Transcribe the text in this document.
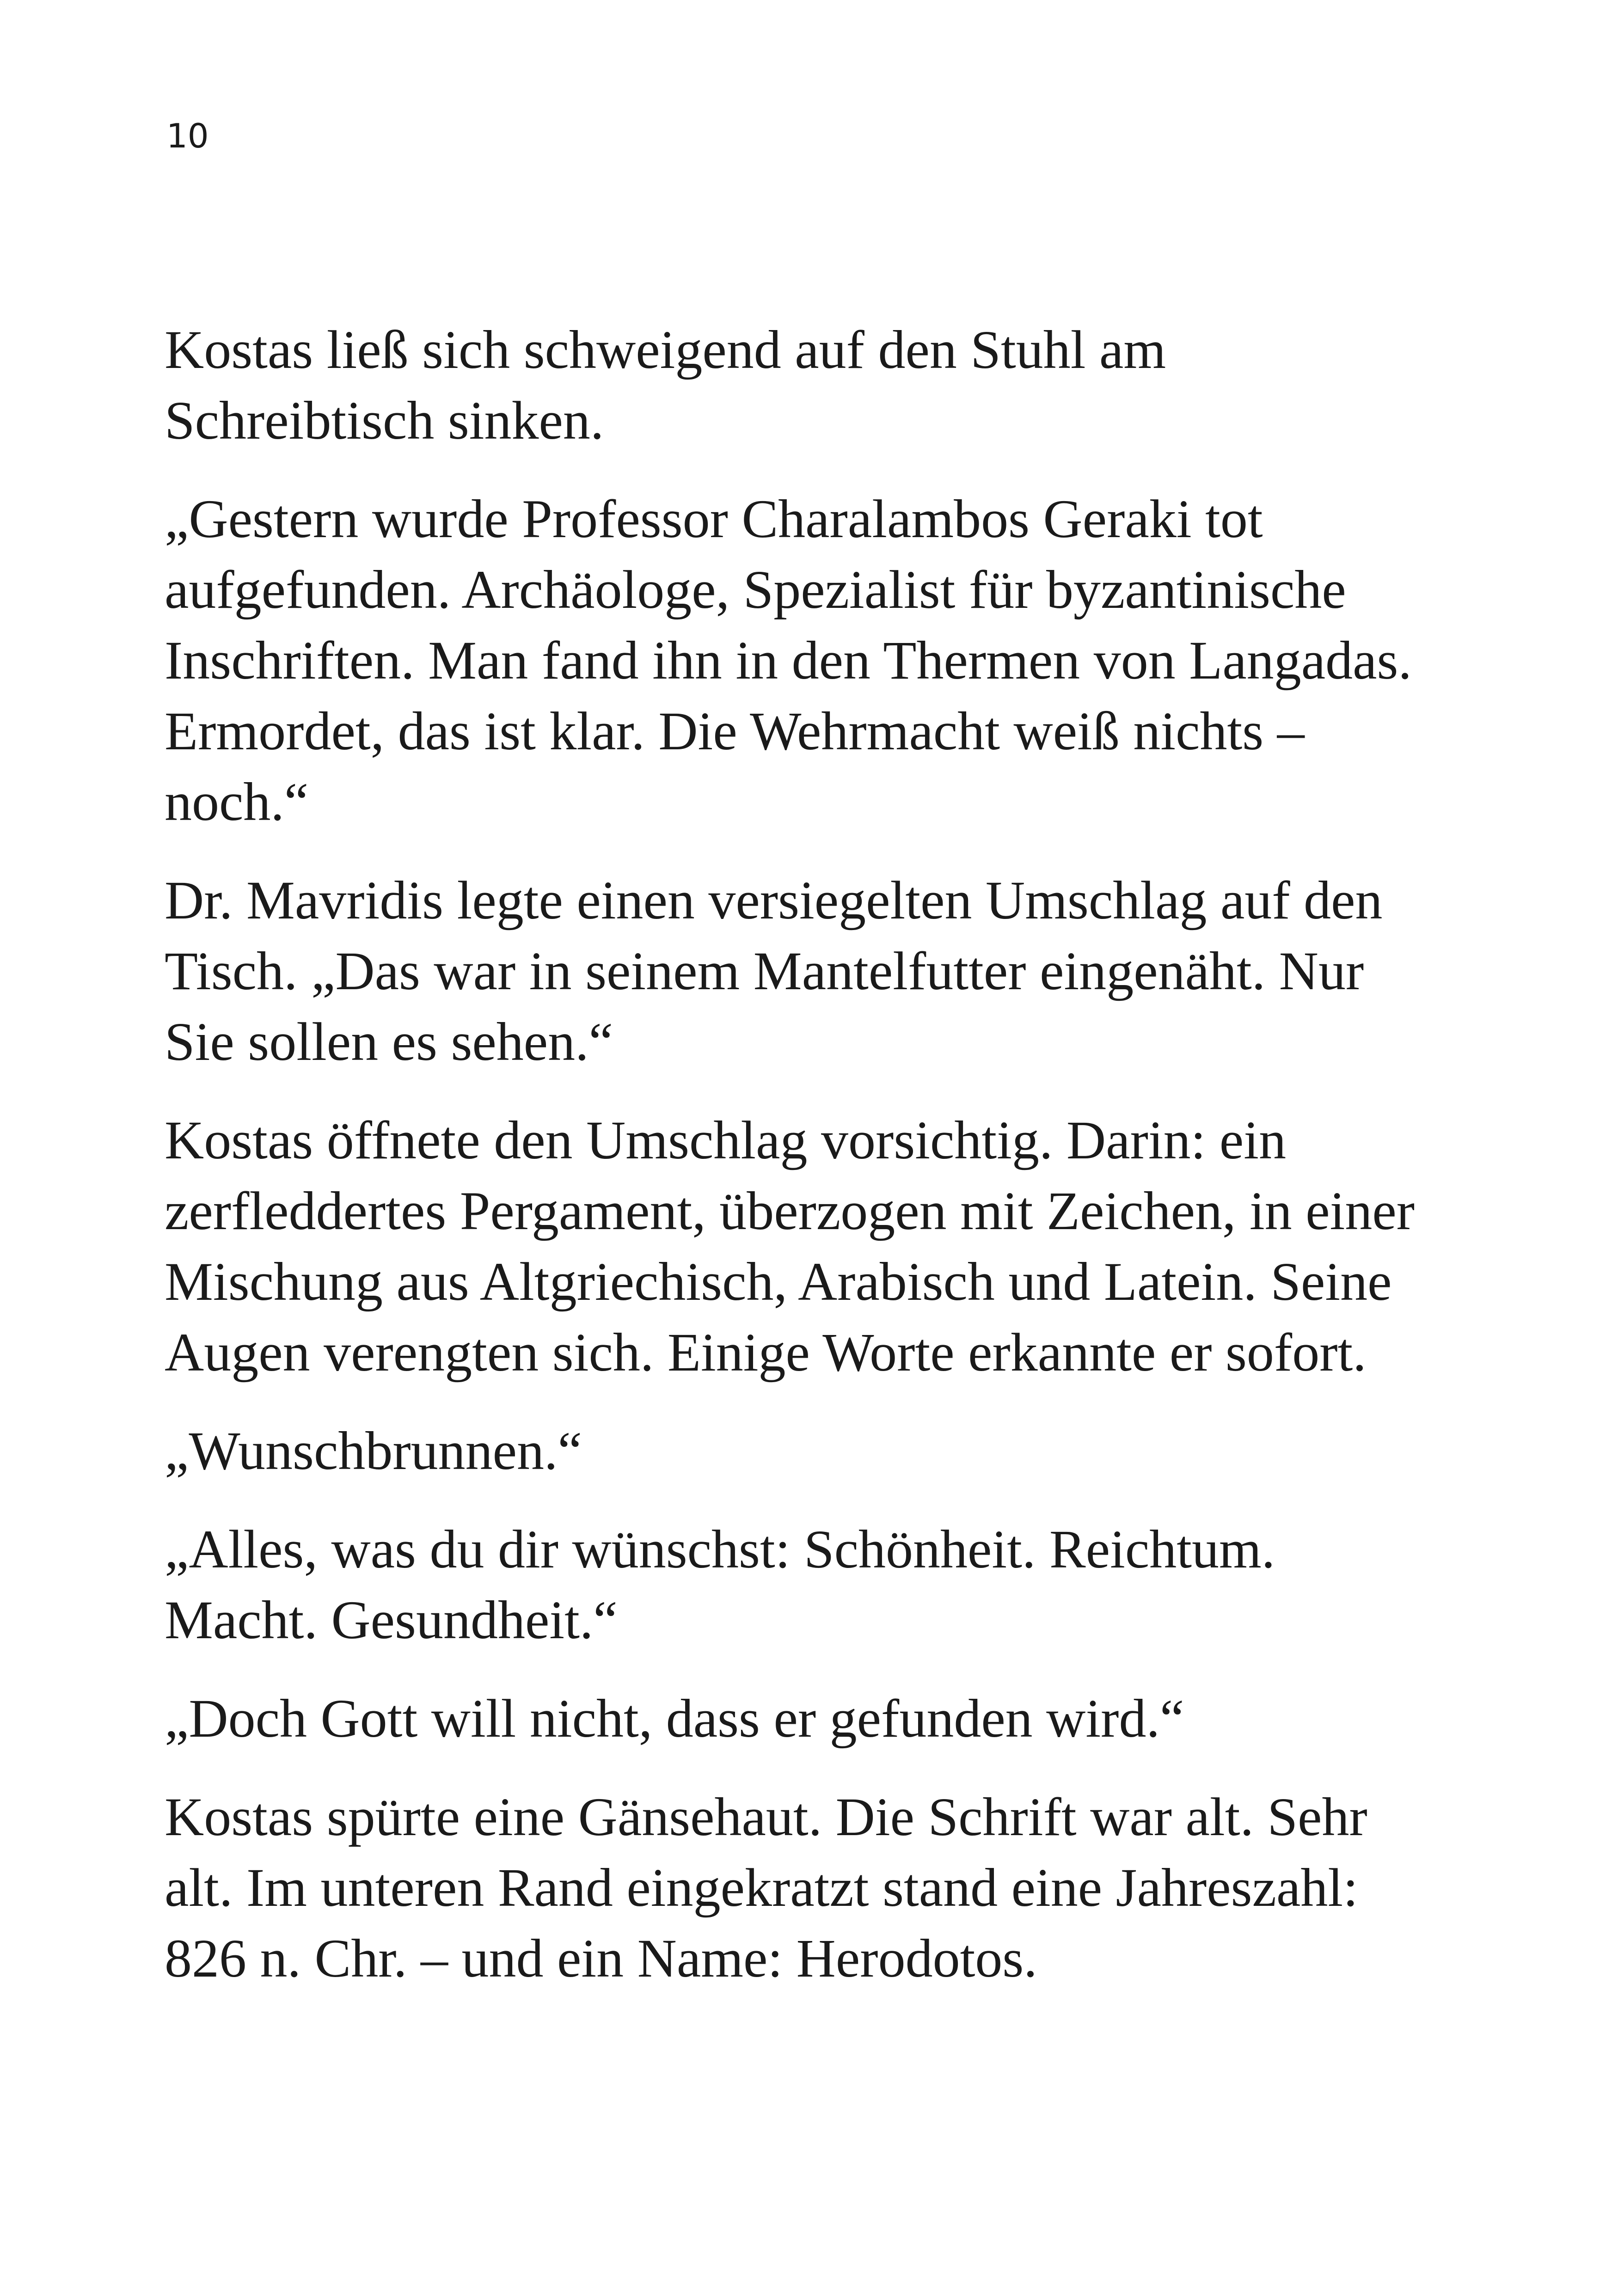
10

Kostas ließ sich schweigend auf den Stuhl am Schreibtisch sinken.

„Gestern wurde Professor Charalambos Geraki tot aufgefunden. Archäologe, Spezialist für byzantinische Inschriften. Man fand ihn in den Thermen von Langadas. Ermordet, das ist klar. Die Wehrmacht weiß nichts – noch.“

Dr. Mavridis legte einen versiegelten Umschlag auf den Tisch. „Das war in seinem Mantelfutter eingenäht. Nur Sie sollen es sehen.“

Kostas öffnete den Umschlag vorsichtig. Darin: ein zerfleddertes Pergament, überzogen mit Zeichen, in einer Mischung aus Altgriechisch, Arabisch und Latein. Seine Augen verengten sich. Einige Worte erkannte er sofort.

„Wunschbrunnen.“

„Alles, was du dir wünschst: Schönheit. Reichtum. Macht. Gesundheit.“

„Doch Gott will nicht, dass er gefunden wird.“

Kostas spürte eine Gänsehaut. Die Schrift war alt. Sehr alt. Im unteren Rand eingekratzt stand eine Jahreszahl: 826 n. Chr. – und ein Name: Herodotos.
